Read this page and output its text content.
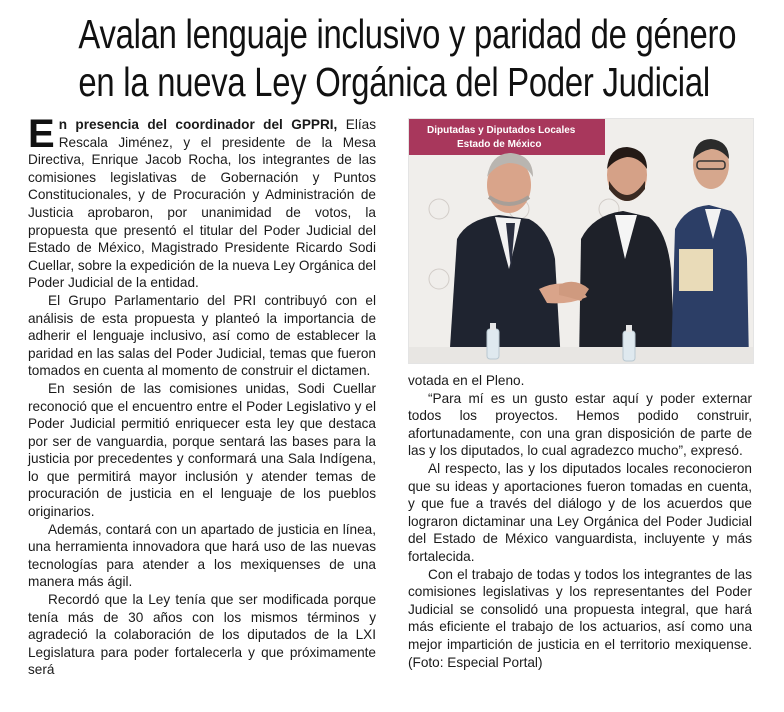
Avalan lenguaje inclusivo y paridad de género
en la nueva Ley Orgánica del Poder Judicial

En presencia del coordinador del GPPRI, Elías Rescala Jiménez, y el presidente de la Mesa Directiva, Enrique Jacob Rocha, los integrantes de las comisiones legislativas de Gobernación y Puntos Constitucionales, y de Procuración y Administración de Justicia aprobaron, por unanimidad de votos, la propuesta que presentó el titular del Poder Judicial del Estado de México, Magistrado Presidente Ricardo Sodi Cuellar, sobre la expedición de la nueva Ley Orgánica del Poder Judicial de la entidad.

El Grupo Parlamentario del PRI contribuyó con el análisis de esta propuesta y planteó la importancia de adherir el lenguaje inclusivo, así como de establecer la paridad en las salas del Poder Judicial, temas que fueron tomados en cuenta al momento de construir el dictamen.

En sesión de las comisiones unidas, Sodi Cuellar reconoció que el encuentro entre el Poder Legislativo y el Poder Judicial permitió enriquecer esta ley que destaca por ser de vanguardia, porque sentará las bases para la justicia por precedentes y conformará una Sala Indígena, lo que permitirá mayor inclusión y atender temas de procuración de justicia en el lenguaje de los pueblos originarios.

Además, contará con un apartado de justicia en línea, una herramienta innovadora que hará uso de las nuevas tecnologías para atender a los mexiquenses de una manera más ágil.

Recordó que la Ley tenía que ser modificada porque tenía más de 30 años con los mismos términos y agradeció la colaboración de los diputados de la LXI Legislatura para poder fortalecerla y que próximamente será

Diputadas y Diputados Locales
Estado de México

votada en el Pleno.

“Para mí es un gusto estar aquí y poder externar todos los proyectos. Hemos podido construir, afortunadamente, con una gran disposición de parte de las y los diputados, lo cual agradezco mucho”, expresó.

Al respecto, las y los diputados locales reconocieron que su ideas y aportaciones fueron tomadas en cuenta, y que fue a través del diálogo y de los acuerdos que lograron dictaminar una Ley Orgánica del Poder Judicial del Estado de México vanguardista, incluyente y más fortalecida.

Con el trabajo de todas y todos los integrantes de las comisiones legislativas y los representantes del Poder Judicial se consolidó una propuesta integral, que hará más eficiente el trabajo de los actuarios, así como una mejor impartición de justicia en el territorio mexiquense. (Foto: Especial Portal)
